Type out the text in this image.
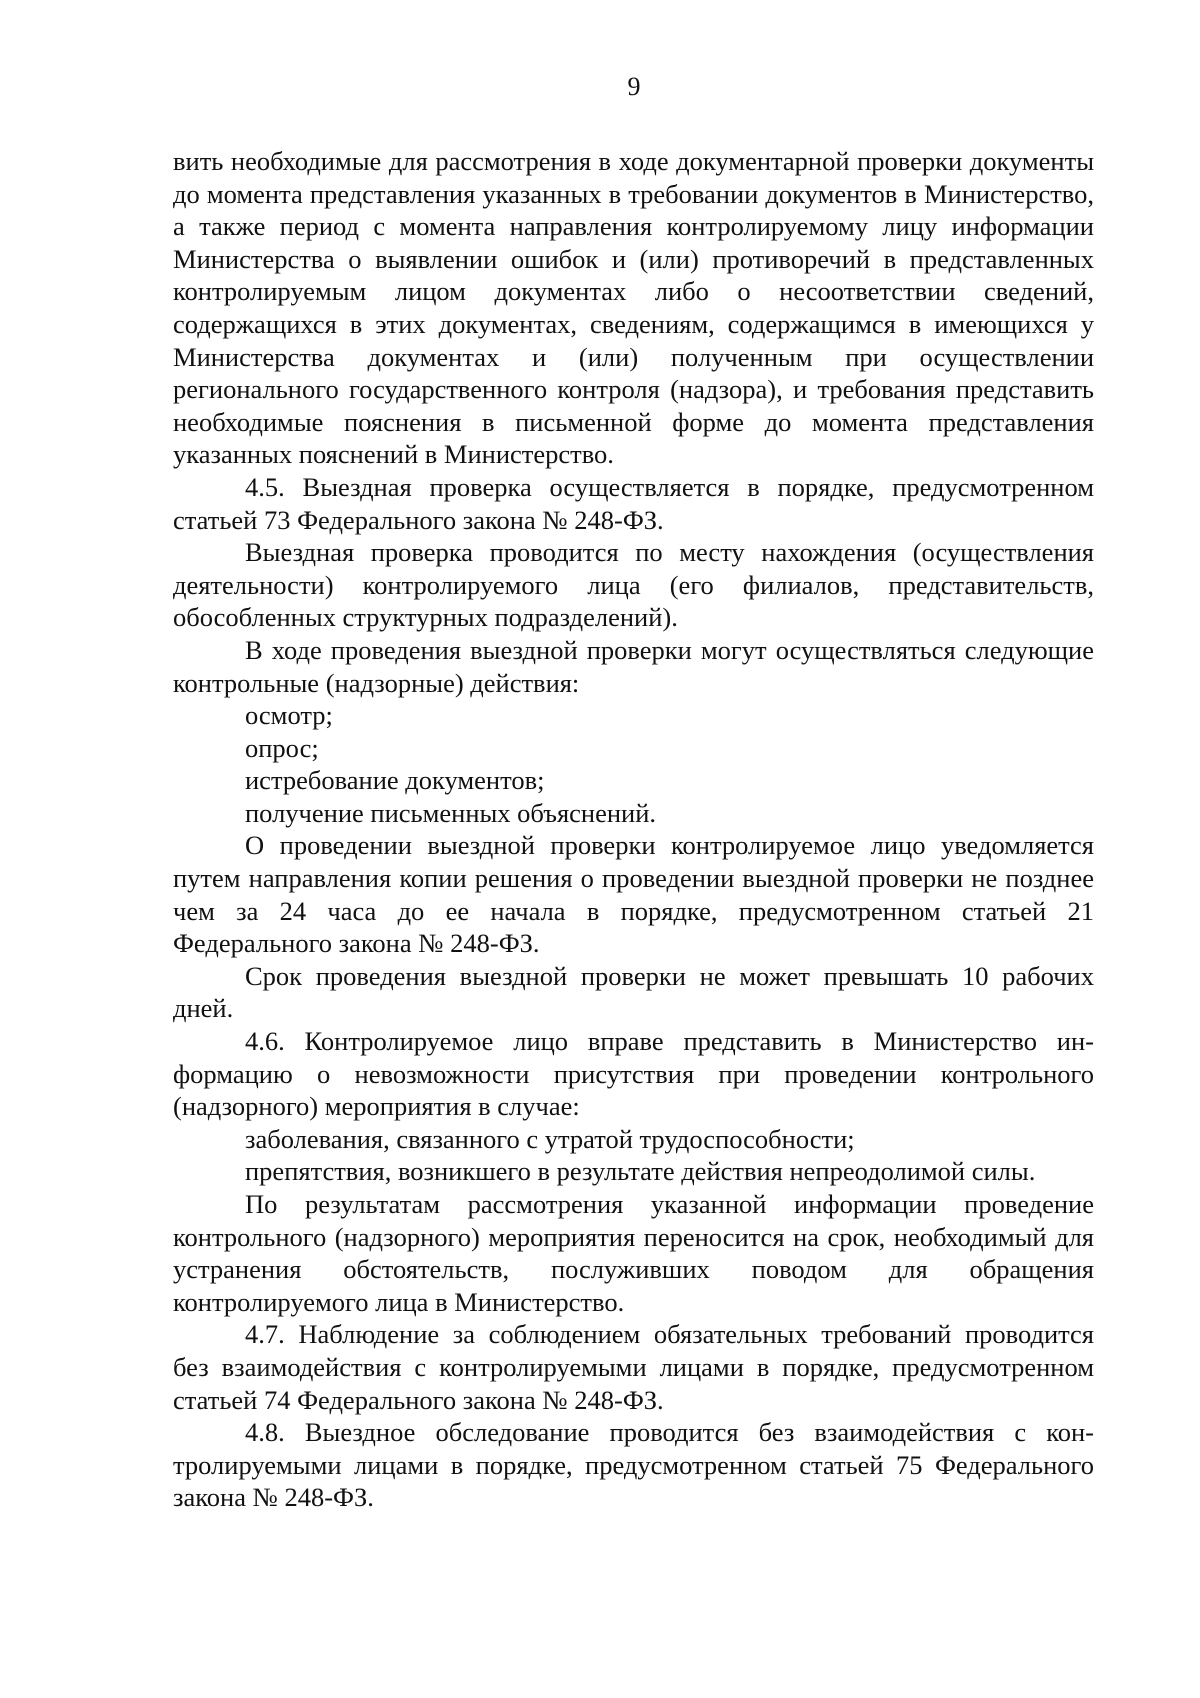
9

вить необходимые для рассмотрения в ходе документарной проверки документы до момента представления указанных в требовании документов в Министерство, а также период с момента направления контролируемому лицу информации Министерства о выявлении ошибок и (или) противоречий в представленных контролируемым лицом документах либо о несоответствии сведений, содержащихся в этих документах, сведениям, содержащимся в имеющихся у Министерства документах и (или) полученным при осуществлении регионального государственного контроля (надзора), и требования представить необходимые пояснения в письменной форме до момента представления указанных пояснений в Министерство.

4.5. Выездная проверка осуществляется в порядке, предусмотренном статьей 73 Федерального закона № 248-ФЗ.

Выездная проверка проводится по месту нахождения (осуществления деятельности) контролируемого лица (его филиалов, представительств, обособленных структурных подразделений).

В ходе проведения выездной проверки могут осуществляться следующие контрольные (надзорные) действия:

осмотр;

опрос;

истребование документов;

получение письменных объяснений.

О проведении выездной проверки контролируемое лицо уведомляется путем направления копии решения о проведении выездной проверки не позднее чем за 24 часа до ее начала в порядке, предусмотренном статьей 21 Федерального закона № 248-ФЗ.

Срок проведения выездной проверки не может превышать 10 рабочих дней.

4.6. Контролируемое лицо вправе представить в Министерство информацию о невозможности присутствия при проведении контрольного (надзорного) мероприятия в случае:

заболевания, связанного с утратой трудоспособности;

препятствия, возникшего в результате действия непреодолимой силы.

По результатам рассмотрения указанной информации проведение контрольного (надзорного) мероприятия переносится на срок, необходимый для устранения обстоятельств, послуживших поводом для обращения контролируемого лица в Министерство.

4.7. Наблюдение за соблюдением обязательных требований проводится без взаимодействия с контролируемыми лицами в порядке, предусмотренном статьей 74 Федерального закона № 248-ФЗ.

4.8. Выездное обследование проводится без взаимодействия с контролируемыми лицами в порядке, предусмотренном статьей 75 Федерального закона № 248-ФЗ.
